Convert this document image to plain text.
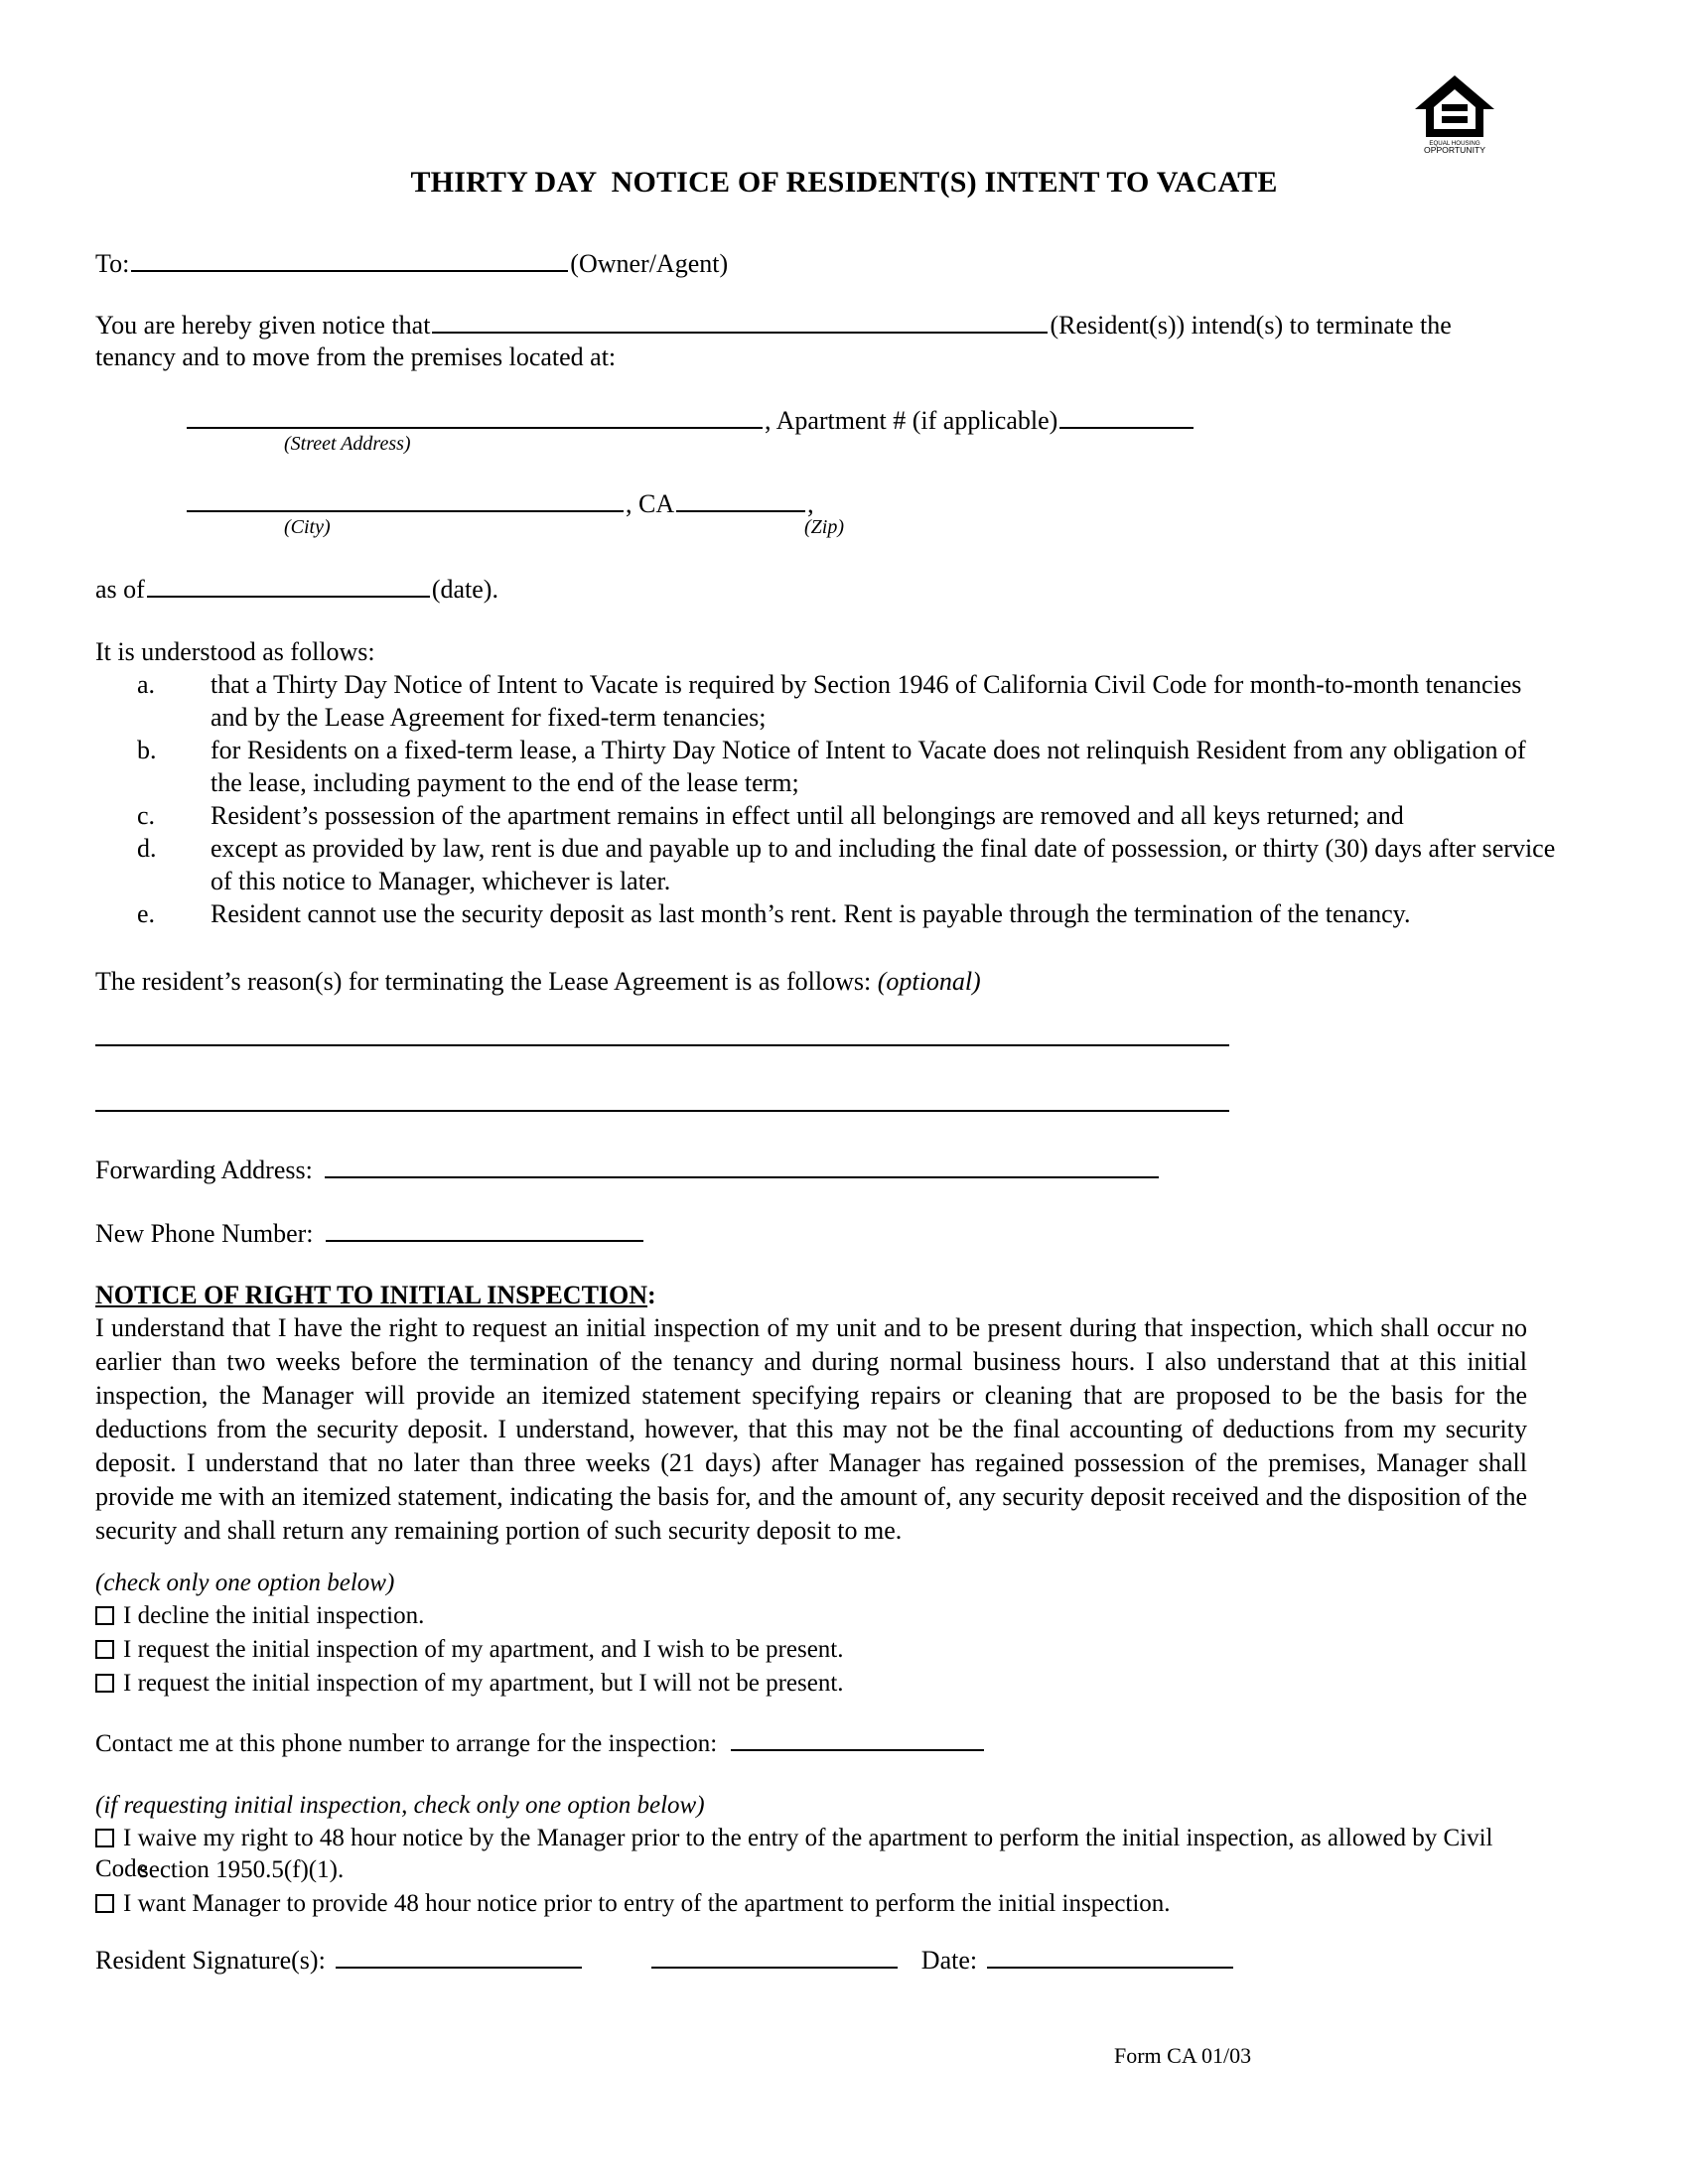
EQUAL HOUSING
OPPORTUNITY
THIRTY DAY  NOTICE OF RESIDENT(S) INTENT TO VACATE
To:	(Owner/Agent)
You are hereby given notice that	(Resident(s)) intend(s) to terminate the
tenancy and to move from the premises located at:
, Apartment # (if applicable)
(Street Address)
, CA	,
(City)	(Zip)
as of	(date).
It is understood as follows:
a.	that a Thirty Day Notice of Intent to Vacate is required by Section 1946 of California Civil Code for month-to-month tenancies and by the Lease Agreement for fixed-term tenancies;
b.	for Residents on a fixed-term lease, a Thirty Day Notice of Intent to Vacate does not relinquish Resident from any obligation of the lease, including payment to the end of the lease term;
c.	Resident’s possession of the apartment remains in effect until all belongings are removed and all keys returned; and
d.	except as provided by law, rent is due and payable up to and including the final date of possession, or thirty (30) days after service of this notice to Manager, whichever is later.
e.	Resident cannot use the security deposit as last month’s rent. Rent is payable through the termination of the tenancy.
The resident’s reason(s) for terminating the Lease Agreement is as follows: (optional)
Forwarding Address:
New Phone Number:
NOTICE OF RIGHT TO INITIAL INSPECTION:
I understand that I have the right to request an initial inspection of my unit and to be present during that inspection, which shall occur no earlier than two weeks before the termination of the tenancy and during normal business hours. I also understand that at this initial inspection, the Manager will provide an itemized statement specifying repairs or cleaning that are proposed to be the basis for the deductions from the security deposit. I understand, however, that this may not be the final accounting of deductions from my security deposit. I understand that no later than three weeks (21 days) after Manager has regained possession of the premises, Manager shall provide me with an itemized statement, indicating the basis for, and the amount of, any security deposit received and the disposition of the security and shall return any remaining portion of such security deposit to me.
(check only one option below)
I decline the initial inspection.
I request the initial inspection of my apartment, and I wish to be present.
I request the initial inspection of my apartment, but I will not be present.
Contact me at this phone number to arrange for the inspection:
(if requesting initial inspection, check only one option below)
I waive my right to 48 hour notice by the Manager prior to the entry of the apartment to perform the initial inspection, as allowed by Civil Code
section 1950.5(f)(1).
I want Manager to provide 48 hour notice prior to entry of the apartment to perform the initial inspection.
Resident Signature(s):	Date:
Form CA 01/03
